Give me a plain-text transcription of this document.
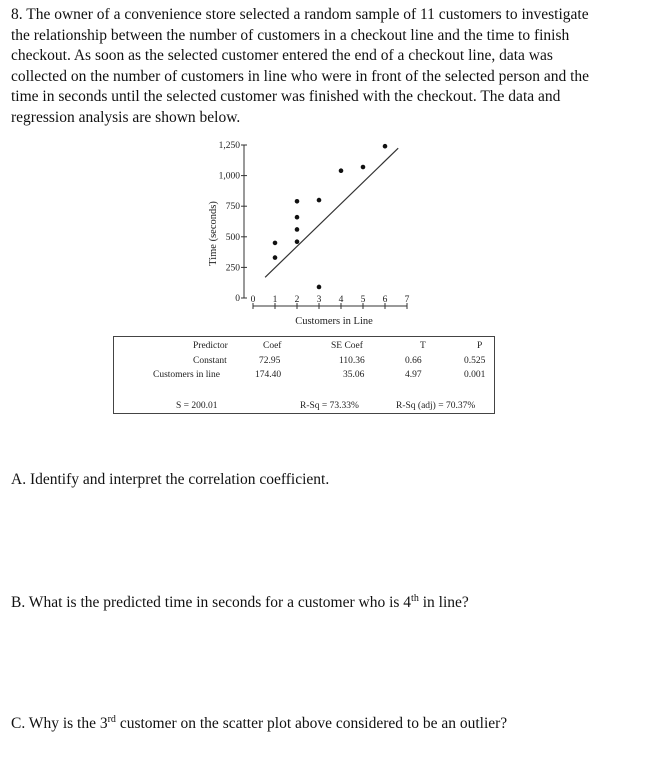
8. The owner of a convenience store selected a random sample of 11 customers to investigate

the relationship between the number of customers in a checkout line and the time to finish

checkout. As soon as the selected customer entered the end of a checkout line, data was

collected on the number of customers in line who were in front of the selected person and the

time in seconds until the selected customer was finished with the checkout. The data and

regression analysis are shown below.

0
250
500
750
1,000
1,250
0 1 2 3 4 5 6 7
Customers in Line
Time (seconds)
Predictor	Coef	SE Coef	T	P
Constant	72.95	110.36	0.66	0.525
Customers in line	174.40	35.06	4.97	0.001
S = 200.01	R-Sq = 73.33%	R-Sq (adj) = 70.37%
A. Identify and interpret the correlation coefficient.
B. What is the predicted time in seconds for a customer who is 4th in line?
C. Why is the 3rd customer on the scatter plot above considered to be an outlier?
